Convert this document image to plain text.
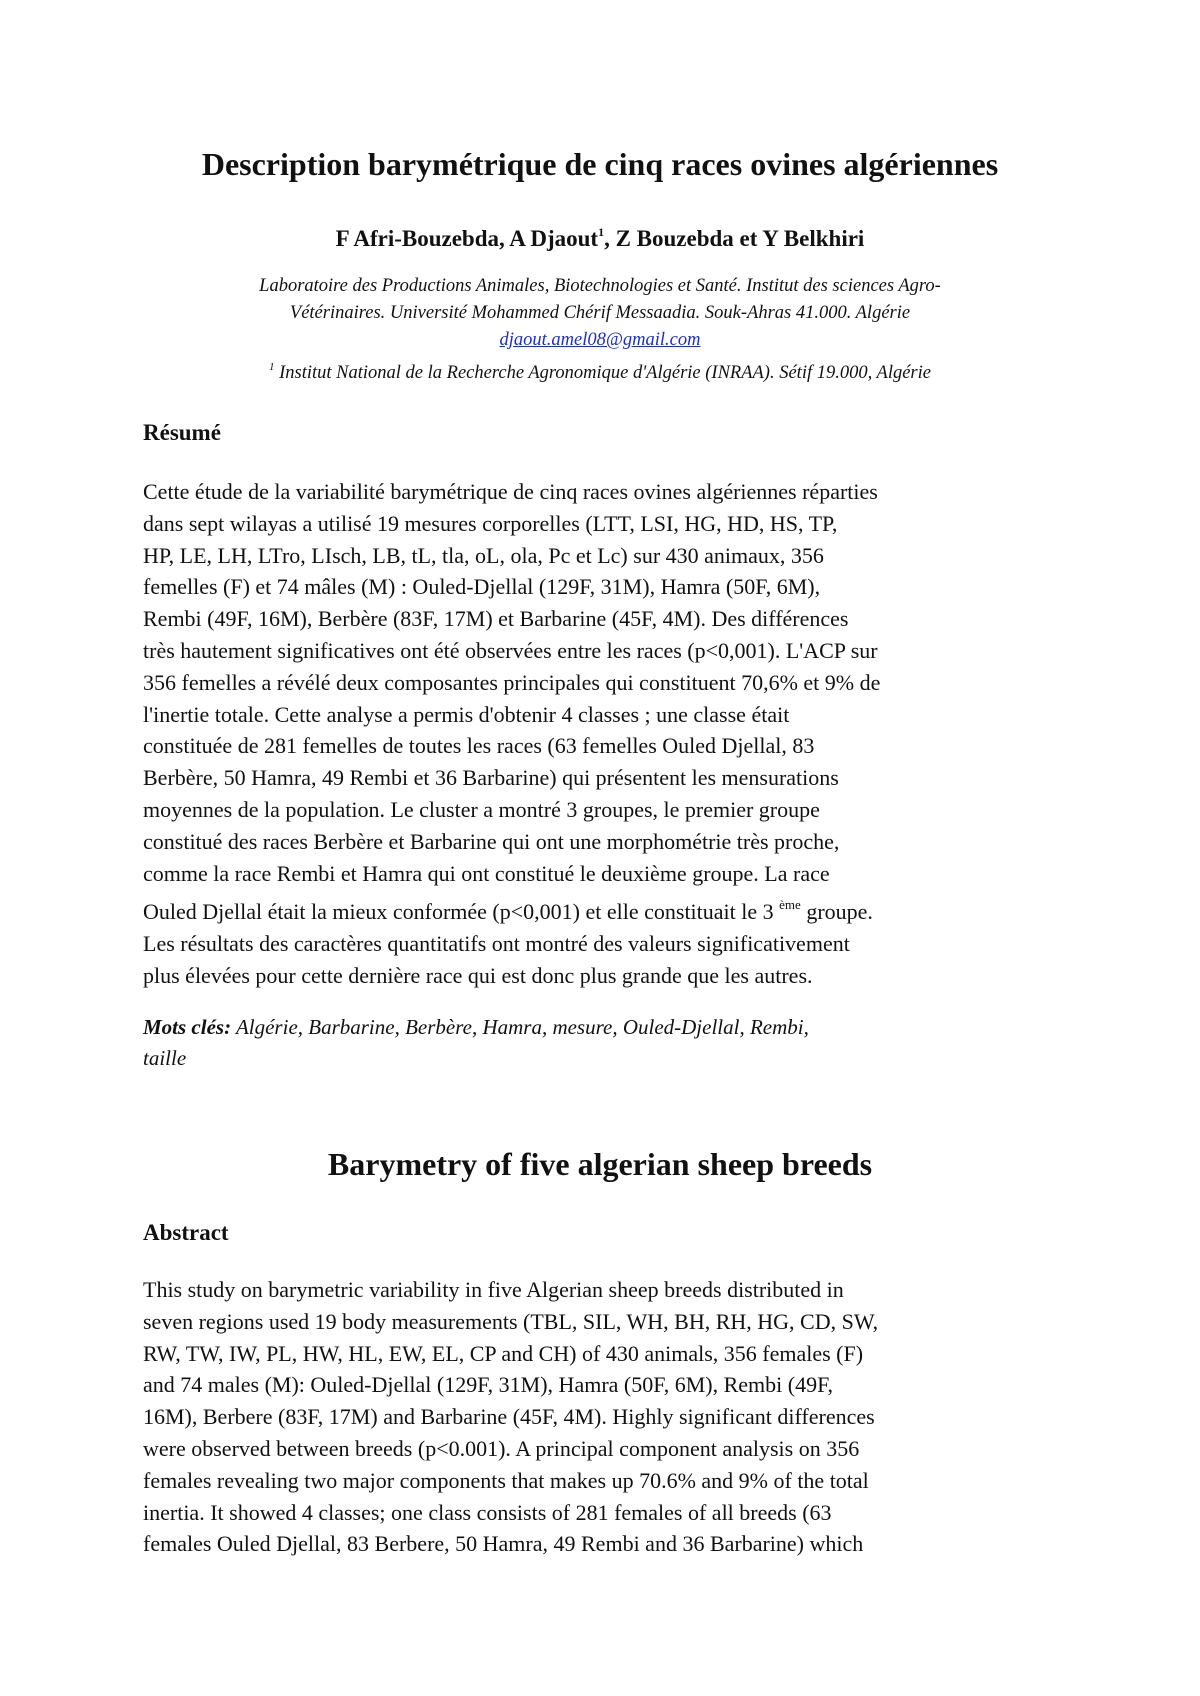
Description barymétrique de cinq races ovines algériennes

F Afri-Bouzebda, A Djaout$^1$, Z Bouzebda et Y Belkhiri

Laboratoire des Productions Animales, Biotechnologies et Santé. Institut des sciences Agro-
Vétérinaires. Université Mohammed Chérif Messaadia. Souk-Ahras 41.000. Algérie
djaout.amel08@gmail.com
$^1$ Institut National de la Recherche Agronomique d'Algérie (INRAA). Sétif 19.000, Algérie

Résumé
Cette étude de la variabilité barymétrique de cinq races ovines algériennes réparties
dans sept wilayas a utilisé 19 mesures corporelles (LTT, LSI, HG, HD, HS, TP,
HP, LE, LH, LTro, LIsch, LB, tL, tla, oL, ola, Pc et Lc) sur 430 animaux, 356
femelles (F) et 74 mâles (M) : Ouled-Djellal (129F, 31M), Hamra (50F, 6M),
Rembi (49F, 16M), Berbère (83F, 17M) et Barbarine (45F, 4M). Des différences
très hautement significatives ont été observées entre les races (p<0,001). L'ACP sur
356 femelles a révélé deux composantes principales qui constituent 70,6% et 9% de
l'inertie totale. Cette analyse a permis d'obtenir 4 classes ; une classe était
constituée de 281 femelles de toutes les races (63 femelles Ouled Djellal, 83
Berbère, 50 Hamra, 49 Rembi et 36 Barbarine) qui présentent les mensurations
moyennes de la population. Le cluster a montré 3 groupes, le premier groupe
constitué des races Berbère et Barbarine qui ont une morphométrie très proche,
comme la race Rembi et Hamra qui ont constitué le deuxième groupe. La race
Ouled Djellal était la mieux conformée (p<0,001) et elle constituait le 3 $^{ème}$ groupe.
Les résultats des caractères quantitatifs ont montré des valeurs significativement
plus élevées pour cette dernière race qui est donc plus grande que les autres.

Mots clés: Algérie, Barbarine, Berbère, Hamra, mesure, Ouled-Djellal, Rembi,
taille

Barymetry of five algerian sheep breeds
Abstract
This study on barymetric variability in five Algerian sheep breeds distributed in
seven regions used 19 body measurements (TBL, SIL, WH, BH, RH, HG, CD, SW,
RW, TW, IW, PL, HW, HL, EW, EL, CP and CH) of 430 animals, 356 females (F)
and 74 males (M): Ouled-Djellal (129F, 31M), Hamra (50F, 6M), Rembi (49F,
16M), Berbere (83F, 17M) and Barbarine (45F, 4M). Highly significant differences
were observed between breeds (p<0.001). A principal component analysis on 356
females revealing two major components that makes up 70.6% and 9% of the total
inertia. It showed 4 classes; one class consists of 281 females of all breeds (63
females Ouled Djellal, 83 Berbere, 50 Hamra, 49 Rembi and 36 Barbarine) which
